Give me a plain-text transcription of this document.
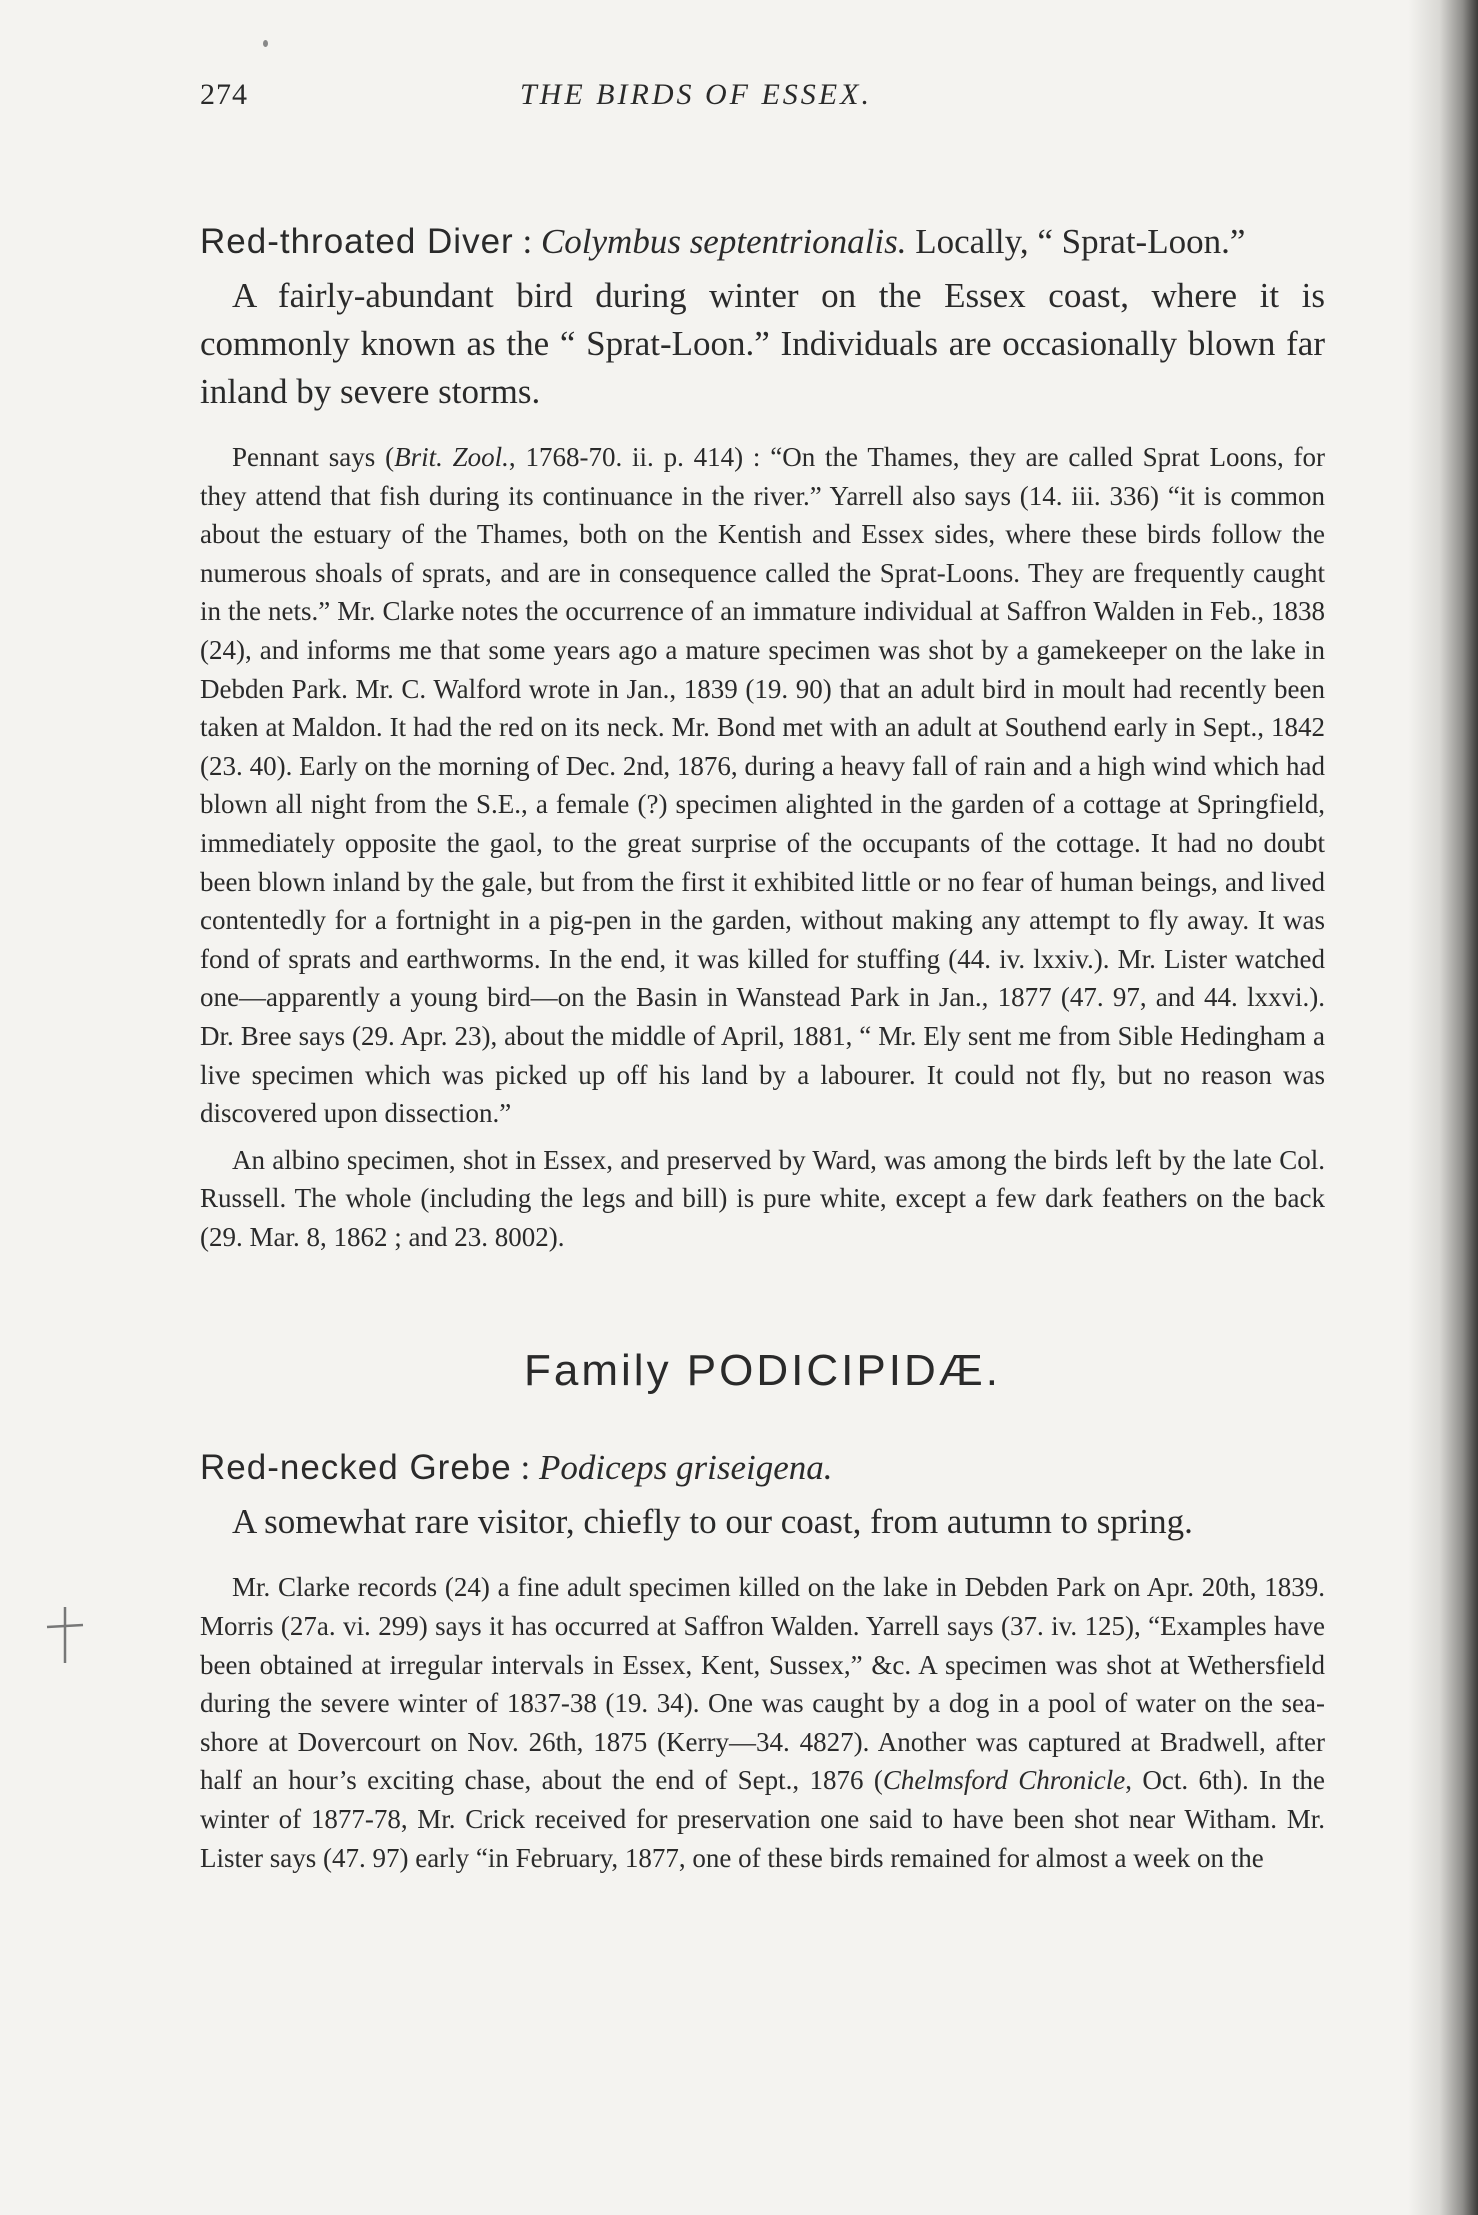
274	THE BIRDS OF ESSEX.

Red-throated Diver : Colymbus septentrionalis. Locally, “ Sprat-Loon.”

A fairly-abundant bird during winter on the Essex coast, where it is commonly known as the “ Sprat-Loon.” Individuals are occasionally blown far inland by severe storms.

Pennant says (Brit. Zool., 1768-70. ii. p. 414) : “On the Thames, they are called Sprat Loons, for they attend that fish during its continuance in the river.” Yarrell also says (14. iii. 336) “it is common about the estuary of the Thames, both on the Kentish and Essex sides, where these birds follow the numerous shoals of sprats, and are in consequence called the Sprat-Loons. They are frequently caught in the nets.” Mr. Clarke notes the occurrence of an immature individual at Saffron Walden in Feb., 1838 (24), and informs me that some years ago a mature specimen was shot by a gamekeeper on the lake in Debden Park. Mr. C. Walford wrote in Jan., 1839 (19. 90) that an adult bird in moult had recently been taken at Maldon. It had the red on its neck. Mr. Bond met with an adult at Southend early in Sept., 1842 (23. 40). Early on the morning of Dec. 2nd, 1876, during a heavy fall of rain and a high wind which had blown all night from the S.E., a female (?) specimen alighted in the garden of a cottage at Springfield, immediately opposite the gaol, to the great surprise of the occupants of the cottage. It had no doubt been blown inland by the gale, but from the first it exhibited little or no fear of human beings, and lived contentedly for a fortnight in a pig-pen in the garden, without making any attempt to fly away. It was fond of sprats and earthworms. In the end, it was killed for stuffing (44. iv. lxxiv.). Mr. Lister watched one—apparently a young bird—on the Basin in Wanstead Park in Jan., 1877 (47. 97, and 44. lxxvi.). Dr. Bree says (29. Apr. 23), about the middle of April, 1881, “ Mr. Ely sent me from Sible Hedingham a live specimen which was picked up off his land by a labourer. It could not fly, but no reason was discovered upon dissection.”

An albino specimen, shot in Essex, and preserved by Ward, was among the birds left by the late Col. Russell. The whole (including the legs and bill) is pure white, except a few dark feathers on the back (29. Mar. 8, 1862 ; and 23. 8002).

Family PODICIPIDÆ.

Red-necked Grebe : Podiceps griseigena.

A somewhat rare visitor, chiefly to our coast, from autumn to spring.

Mr. Clarke records (24) a fine adult specimen killed on the lake in Debden Park on Apr. 20th, 1839. Morris (27a. vi. 299) says it has occurred at Saffron Walden. Yarrell says (37. iv. 125), “Examples have been obtained at irregular intervals in Essex, Kent, Sussex,” &c. A specimen was shot at Wethersfield during the severe winter of 1837-38 (19. 34). One was caught by a dog in a pool of water on the sea-shore at Dovercourt on Nov. 26th, 1875 (Kerry—34. 4827). Another was captured at Bradwell, after half an hour’s exciting chase, about the end of Sept., 1876 (Chelmsford Chronicle, Oct. 6th). In the winter of 1877-78, Mr. Crick received for preservation one said to have been shot near Witham. Mr. Lister says (47. 97) early “in February, 1877, one of these birds remained for almost a week on the
